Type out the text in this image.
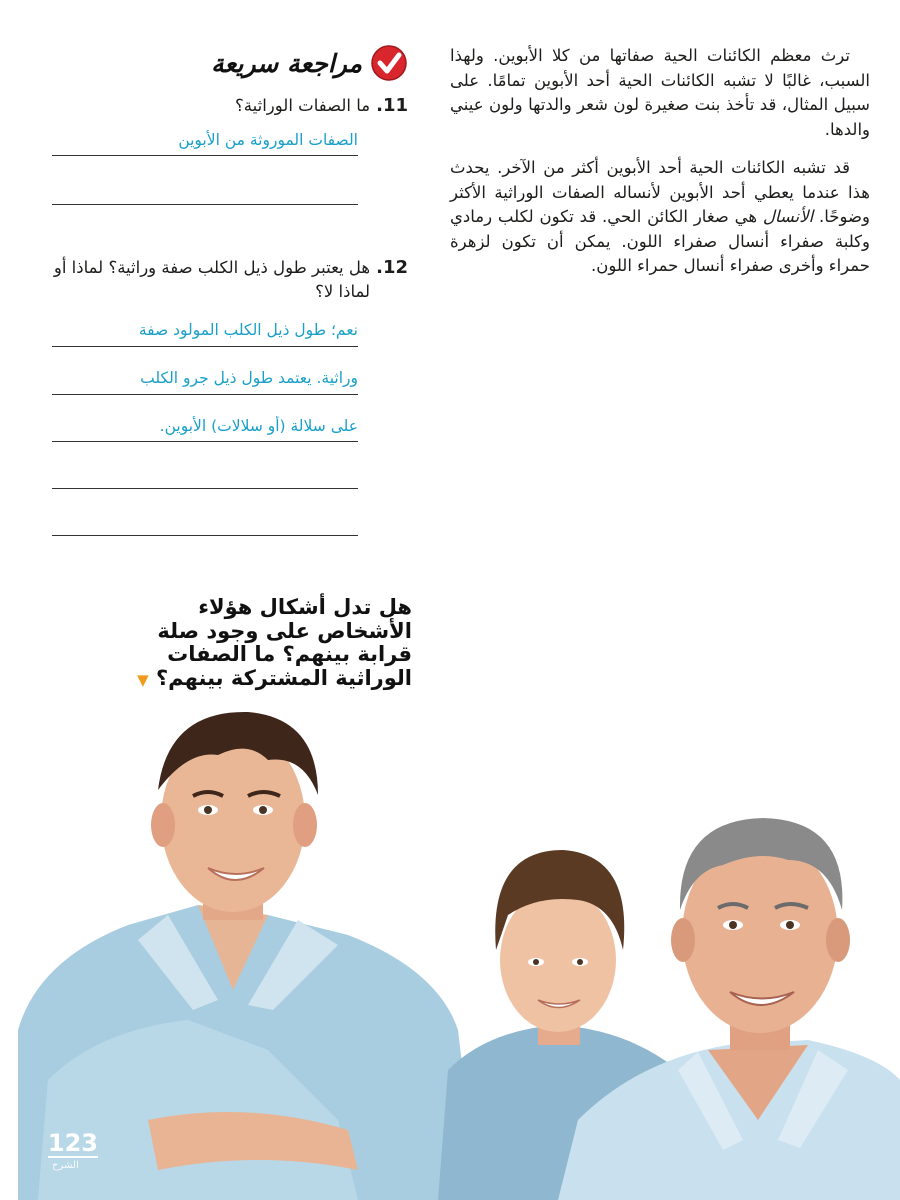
ترث معظم الكائنات الحية صفاتها من كلا الأبوين. ولهذا السبب، غالبًا لا تشبه الكائنات الحية أحد الأبوين تمامًا. على سبيل المثال، قد تأخذ بنت صغيرة لون شعر والدتها ولون عيني والدها.

قد تشبه الكائنات الحية أحد الأبوين أكثر من الآخر. يحدث هذا عندما يعطي أحد الأبوين لأنساله الصفات الوراثية الأكثر وضوحًا. الأنسال هي صغار الكائن الحي. قد تكون لكلب رمادي وكلبة صفراء أنسال صفراء اللون. يمكن أن تكون لزهرة حمراء وأخرى صفراء أنسال حمراء اللون.

مراجعة سريعة
11.
ما الصفات الوراثية؟
الصفات الموروثة من الأبوين
12.
هل يعتبر طول ذيل الكلب صفة وراثية؟ لماذا أو لماذا لا؟
نعم؛ طول ذيل الكلب المولود صفة
وراثية. يعتمد طول ذيل جرو الكلب
على سلالة (أو سلالات) الأبوين.
هل تدل أشكال هؤلاء الأشخاص على وجود صلة قرابة بينهم؟ ما الصفات الوراثية المشتركة بينهم؟ ▼
123
الشرح
